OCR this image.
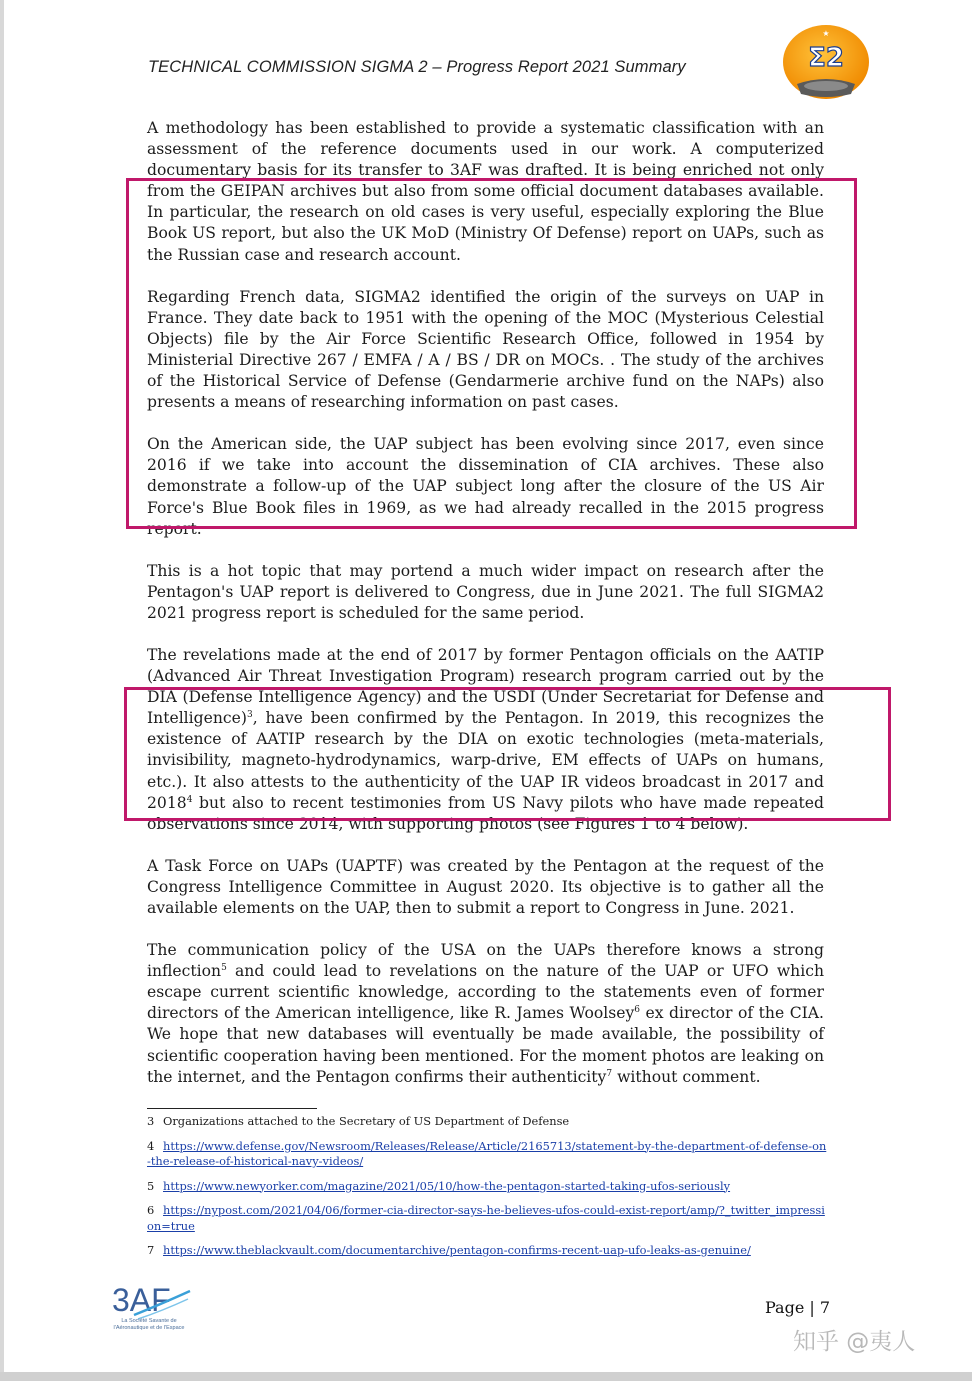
TECHNICAL COMMISSION SIGMA 2 – Progress Report 2021 Summary	Σ2
★

A methodology has been established to provide a systematic classification with an assessment of the reference documents used in our work. A computerized documentary basis for its transfer to 3AF was drafted. It is being enriched not only from the GEIPAN archives but also from some official document databases available. In particular, the research on old cases is very useful, especially exploring the Blue Book US report, but also the UK MoD (Ministry Of Defense) report on UAPs, such as the Russian case and research account.

Regarding French data, SIGMA2 identified the origin of the surveys on UAP in France. They date back to 1951 with the opening of the MOC (Mysterious Celestial Objects) file by the Air Force Scientific Research Office, followed in 1954 by Ministerial Directive 267 / EMFA / A / BS / DR on MOCs. . The study of the archives of the Historical Service of Defense (Gendarmerie archive fund on the NAPs) also presents a means of researching information on past cases.

On the American side, the UAP subject has been evolving since 2017, even since 2016 if we take into account the dissemination of CIA archives. These also demonstrate a follow-up of the UAP subject long after the closure of the US Air Force's Blue Book files in 1969, as we had already recalled in the 2015 progress report.

This is a hot topic that may portend a much wider impact on research after the Pentagon's UAP report is delivered to Congress, due in June 2021. The full SIGMA2 2021 progress report is scheduled for the same period.

The revelations made at the end of 2017 by former Pentagon officials on the AATIP (Advanced Air Threat Investigation Program) research program carried out by the DIA (Defense Intelligence Agency) and the USDI (Under Secretariat for Defense and Intelligence)$^3$, have been confirmed by the Pentagon. In 2019, this recognizes the existence of AATIP research by the DIA on exotic technologies (meta-materials, invisibility, magneto-hydrodynamics, warp-drive, EM effects of UAPs on humans, etc.). It also attests to the authenticity of the UAP IR videos broadcast in 2017 and 2018$^4$ but also to recent testimonies from US Navy pilots who have made repeated observations since 2014, with supporting photos (see Figures 1 to 4 below).

A Task Force on UAPs (UAPTF) was created by the Pentagon at the request of the Congress Intelligence Committee in August 2020. Its objective is to gather all the available elements on the UAP, then to submit a report to Congress in June. 2021.

The communication policy of the USA on the UAPs therefore knows a strong inflection$^5$ and could lead to revelations on the nature of the UAP or UFO which escape current scientific knowledge, according to the statements even of former directors of the American intelligence, like R. James Woolsey$^6$ ex director of the CIA. We hope that new databases will eventually be made available, the possibility of scientific cooperation having been mentioned. For the moment photos are leaking on the internet, and the Pentagon confirms their authenticity$^7$ without comment.

3 Organizations attached to the Secretary of US Department of Defense
4 https://www.defense.gov/Newsroom/Releases/Release/Article/2165713/statement-by-the-department-of-defense-on-the-release-of-historical-navy-videos/
5 https://www.newyorker.com/magazine/2021/05/10/how-the-pentagon-started-taking-ufos-seriously
6 https://nypost.com/2021/04/06/former-cia-director-says-he-believes-ufos-could-exist-report/amp/?_twitter_impression=true
7 https://www.theblackvault.com/documentarchive/pentagon-confirms-recent-uap-ufo-leaks-as-genuine/
3AF
La Société Savante de l'Aéronautique et de l'Espace
Page | 7
知乎 @夷人
